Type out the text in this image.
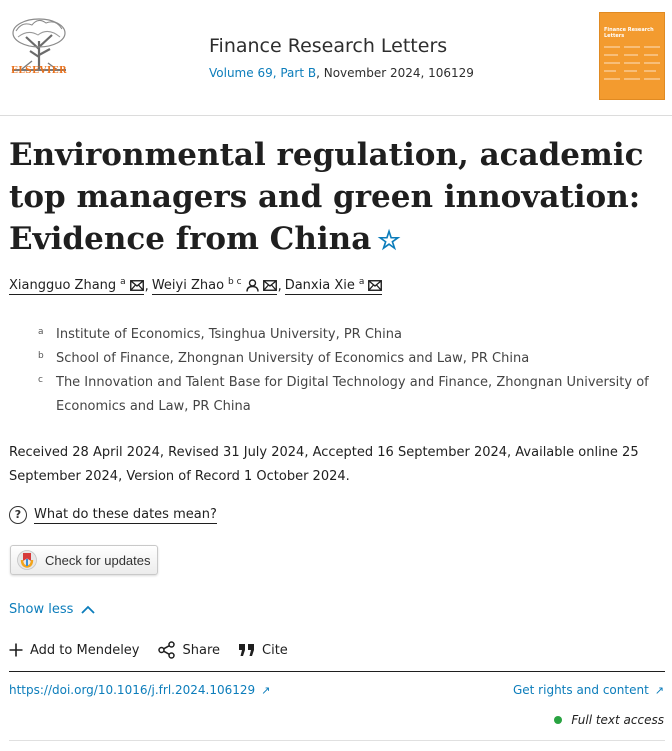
ELSEVIER
Finance Research Letters
Volume 69, Part B, November 2024, 106129
Finance Research Letters
Environmental regulation, academic top managers and green innovation: Evidence from China ☆
Xiangguo Zhang $^a$ , Weiyi Zhao $^{b c}$	, Danxia Xie $^a$
a Institute of Economics, Tsinghua University, PR China
b School of Finance, Zhongnan University of Economics and Law, PR China
c The Innovation and Talent Base for Digital Technology and Finance, Zhongnan University of Economics and Law, PR China

Received 28 April 2024, Revised 31 July 2024, Accepted 16 September 2024, Available online 25 September 2024, Version of Record 1 October 2024.

? What do these dates mean?
Check for updates
Show less
Add to Mendeley	Share	Cite
https://doi.org/10.1016/j.frl.2024.106129 ↗	Get rights and content ↗
Full text access
